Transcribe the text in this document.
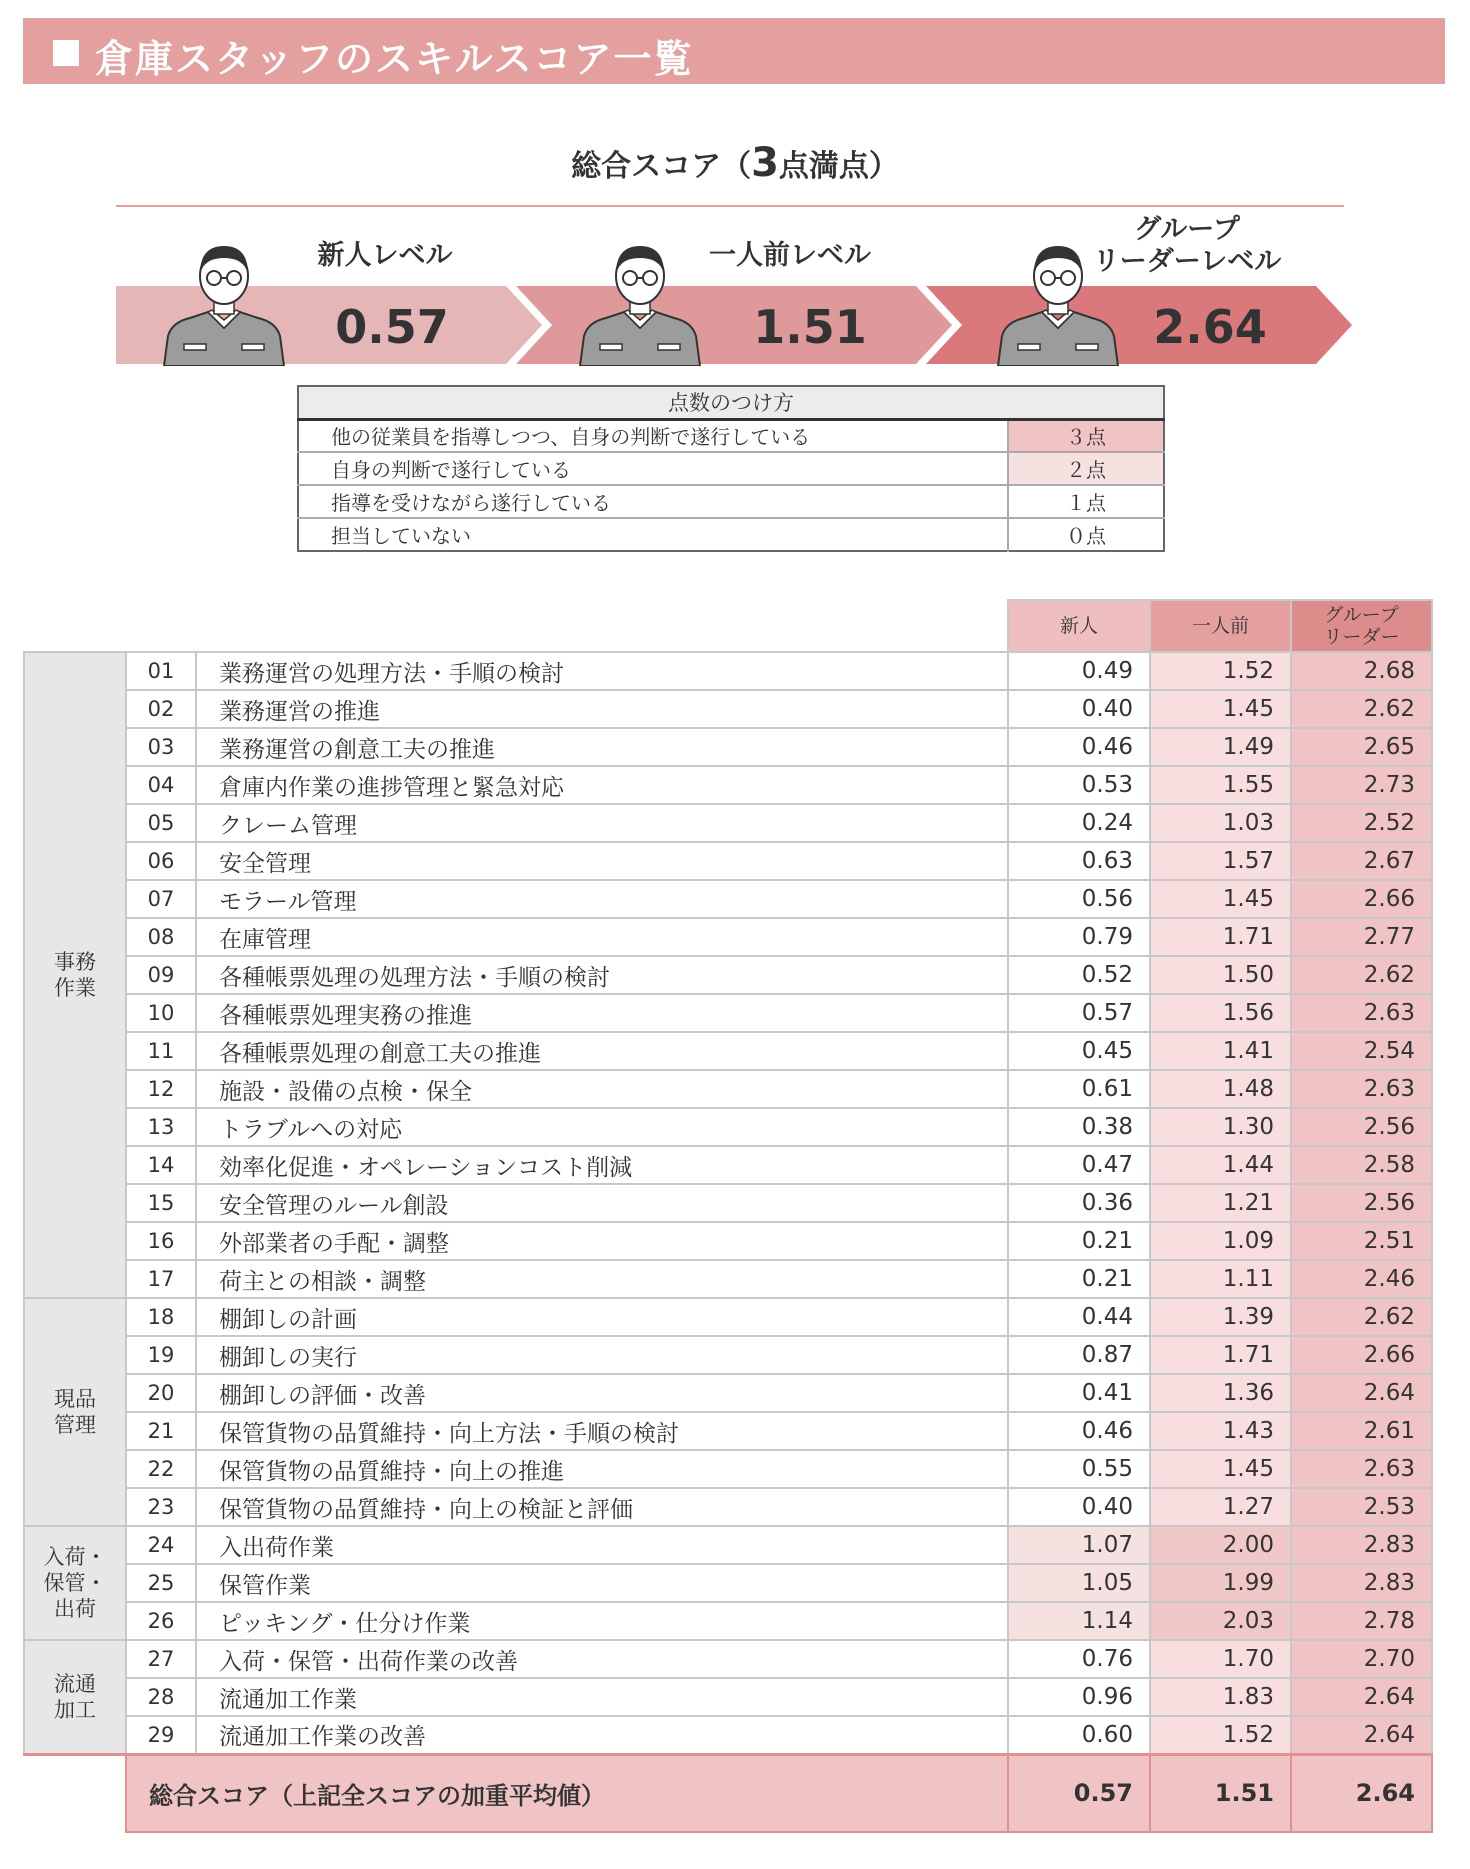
倉庫スタッフのスキルスコア一覧
総合スコア（3点満点）
新人レベル	一人前レベル
グループ
リーダーレベル
0.57	1.51	2.64
点数のつけ方	
他の従業員を指導しつつ、自身の判断で遂行している	３点
自身の判断で遂行している	２点
指導を受けながら遂行している	１点
担当していない	０点
			新人	一人前	グループ
リーダー
事務
作業	01	業務運営の処理方法・手順の検討	0.49	1.52	2.68
	02	業務運営の推進	0.40	1.45	2.62
	03	業務運営の創意工夫の推進	0.46	1.49	2.65
	04	倉庫内作業の進捗管理と緊急対応	0.53	1.55	2.73
	05	クレーム管理	0.24	1.03	2.52
	06	安全管理	0.63	1.57	2.67
	07	モラール管理	0.56	1.45	2.66
	08	在庫管理	0.79	1.71	2.77
	09	各種帳票処理の処理方法・手順の検討	0.52	1.50	2.62
	10	各種帳票処理実務の推進	0.57	1.56	2.63
	11	各種帳票処理の創意工夫の推進	0.45	1.41	2.54
	12	施設・設備の点検・保全	0.61	1.48	2.63
	13	トラブルへの対応	0.38	1.30	2.56
	14	効率化促進・オペレーションコスト削減	0.47	1.44	2.58
	15	安全管理のルール創設	0.36	1.21	2.56
	16	外部業者の手配・調整	0.21	1.09	2.51
	17	荷主との相談・調整	0.21	1.11	2.46
現品
管理	18	棚卸しの計画	0.44	1.39	2.62
	19	棚卸しの実行	0.87	1.71	2.66
	20	棚卸しの評価・改善	0.41	1.36	2.64
	21	保管貨物の品質維持・向上方法・手順の検討	0.46	1.43	2.61
	22	保管貨物の品質維持・向上の推進	0.55	1.45	2.63
	23	保管貨物の品質維持・向上の検証と評価	0.40	1.27	2.53
入荷・
保管・
出荷	24	入出荷作業	1.07	2.00	2.83
	25	保管作業	1.05	1.99	2.83
	26	ピッキング・仕分け作業	1.14	2.03	2.78
流通
加工	27	入荷・保管・出荷作業の改善	0.76	1.70	2.70
	28	流通加工作業	0.96	1.83	2.64
	29	流通加工作業の改善	0.60	1.52	2.64
	総合スコア（上記全スコアの加重平均値）		0.57	1.51	2.64
